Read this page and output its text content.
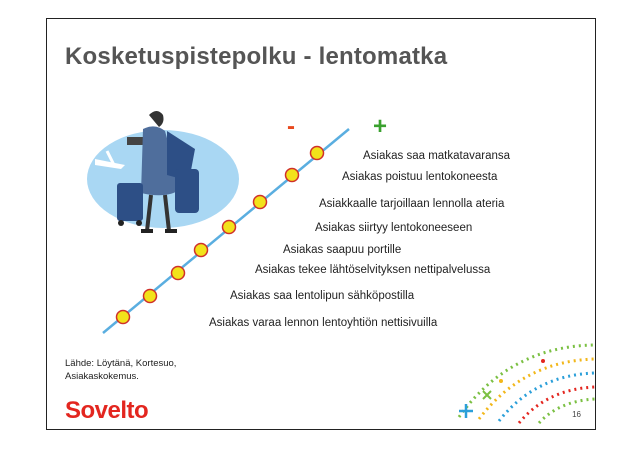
Kosketuspistepolku - lentomatka
-	+
Asiakas varaa lennon lentoyhtiön nettisivuilla
Asiakas saa lentolipun sähköpostilla
Asiakas tekee lähtöselvityksen nettipalvelussa
Asiakas saapuu portille
Asiakas siirtyy lentokoneeseen
Asiakkaalle tarjoillaan lennolla ateria
Asiakas poistuu lentokoneesta
Asiakas saa matkatavaransa
Lähde: Löytänä, Kortesuo,
Asiakaskokemus.
Sovelto	16
